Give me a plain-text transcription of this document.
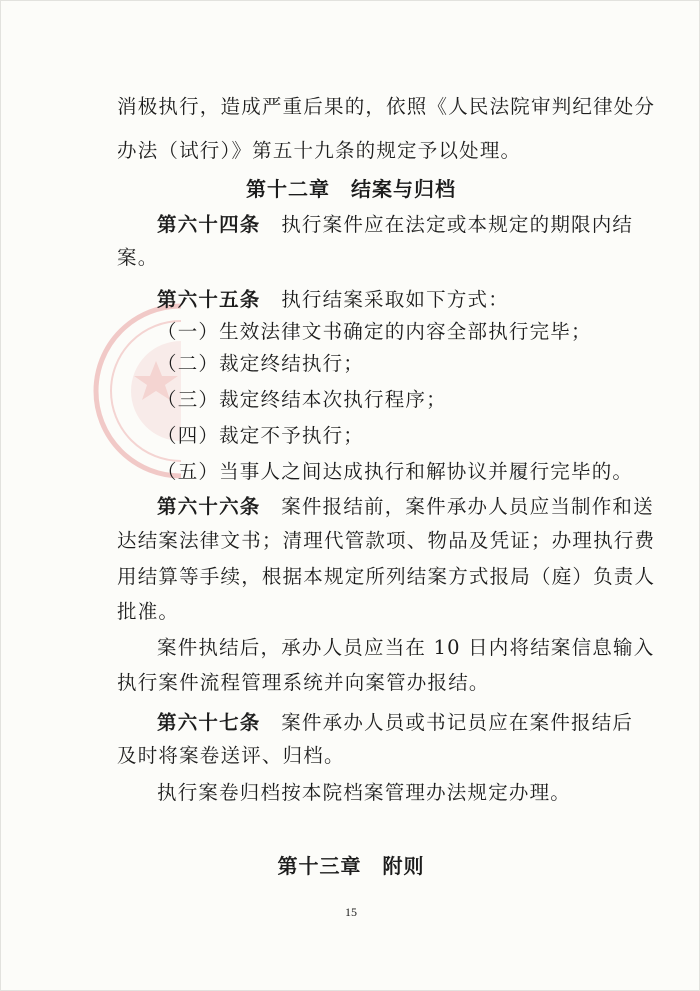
消极执行，造成严重后果的，依照《人民法院审判纪律处分
办法（试行）》第五十九条的规定予以处理。
第十二章　结案与归档
第六十四条　 执行案件应在法定或本规定的期限内结
案。
第六十五条　 执行结案采取如下方式：
（一）生效法律文书确定的内容全部执行完毕；
（二）裁定终结执行；
（三）裁定终结本次执行程序；
（四）裁定不予执行；
（五）当事人之间达成执行和解协议并履行完毕的。
第六十六条　 案件报结前，案件承办人员应当制作和送
达结案法律文书；清理代管款项、物品及凭证；办理执行费
用结算等手续，根据本规定所列结案方式报局（庭）负责人
批准。
案件执结后，承办人员应当在 10 日内将结案信息输入
执行案件流程管理系统并向案管办报结。
第六十七条　 案件承办人员或书记员应在案件报结后
及时将案卷送评、归档。
执行案卷归档按本院档案管理办法规定办理。
第十三章　附则
15
